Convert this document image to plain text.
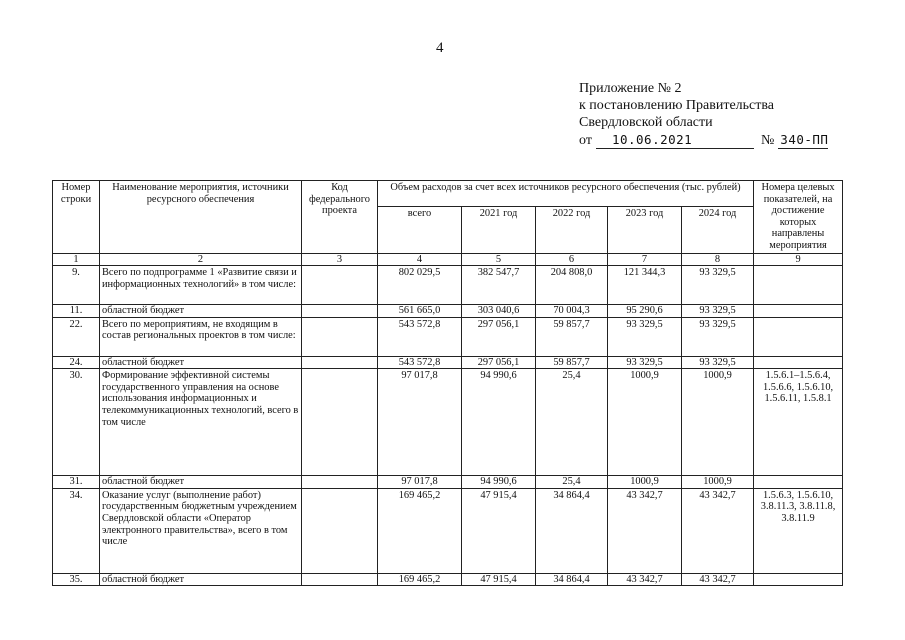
4
Приложение № 2
к постановлению Правительства
Свердловской области
от	10.06.2021	№ 340-ПП
Номер строки	Наименование мероприятия, источники ресурсного обеспечения	Код федерального проекта	Объем расходов за счет всех источников ресурсного обеспечения (тыс. рублей)					Номера целевых показателей, на достижение которых направлены мероприятия
			всего	2021 год	2022 год	2023 год	2024 год	
1	2	3	4	5	6	7	8	9
9.	Всего по подпрограмме 1 «Развитие связи и информационных технологий» в том числе:		802 029,5	382 547,7	204 808,0	121 344,3	93 329,5	
11.	областной бюджет		561 665,0	303 040,6	70 004,3	95 290,6	93 329,5	
22.	Всего по мероприятиям, не входящим в состав региональных проектов в том числе:		543 572,8	297 056,1	59 857,7	93 329,5	93 329,5	
24.	областной бюджет		543 572,8	297 056,1	59 857,7	93 329,5	93 329,5	
30.	Формирование эффективной системы государственного управления на основе использования информационных и телекоммуникационных технологий, всего в том числе		97 017,8	94 990,6	25,4	1000,9	1000,9	1.5.6.1–1.5.6.4, 1.5.6.6, 1.5.6.10, 1.5.6.11, 1.5.8.1
31.	областной бюджет		97 017,8	94 990,6	25,4	1000,9	1000,9	
34.	Оказание услуг (выполнение работ) государственным бюджетным учреждением Свердловской области «Оператор электронного правительства», всего в том числе		169 465,2	47 915,4	34 864,4	43 342,7	43 342,7	1.5.6.3, 1.5.6.10, 3.8.11.3, 3.8.11.8, 3.8.11.9
35.	областной бюджет		169 465,2	47 915,4	34 864,4	43 342,7	43 342,7	
